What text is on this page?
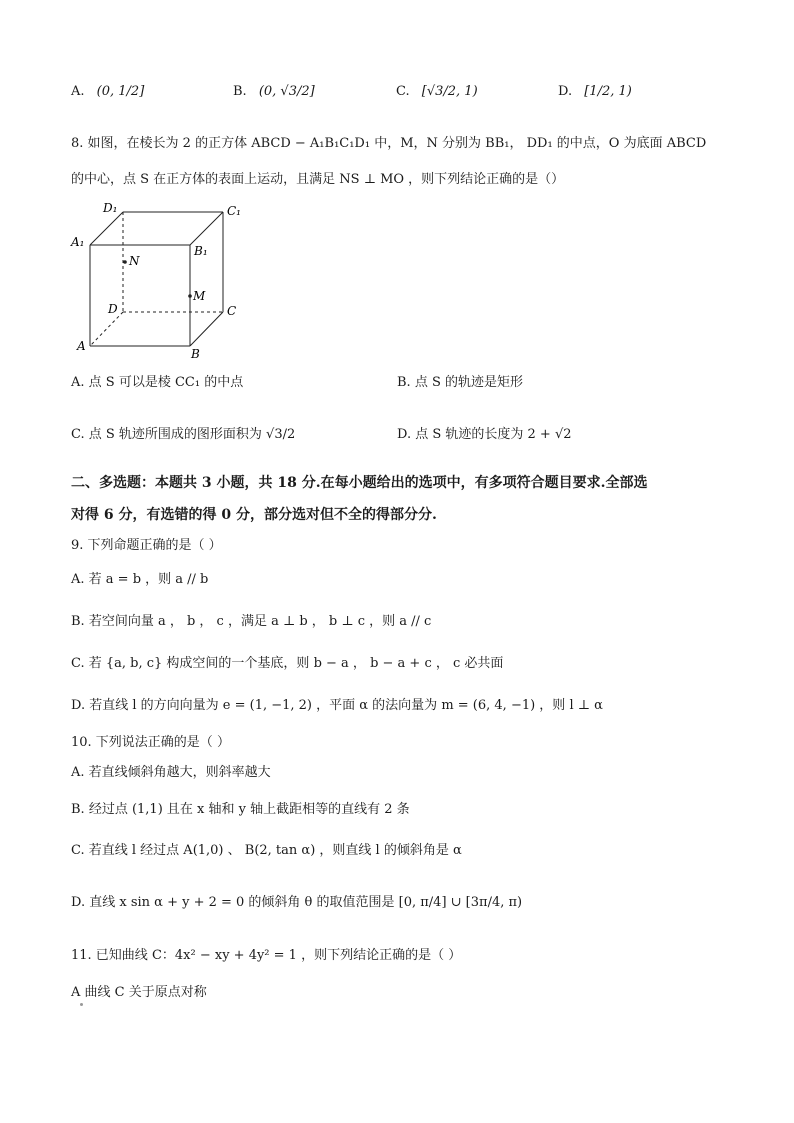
A. (0, 1/2]	B. (0, √3/2]	C. [√3/2, 1)	D. [1/2, 1)
8. 如图，在棱长为 2 的正方体 ABCD − A₁B₁C₁D₁ 中，M，N 分别为 BB₁， DD₁ 的中点，O 为底面 ABCD
的中心，点 S 在正方体的表面上运动，且满足 NS ⊥ MO ，则下列结论正确的是（）
D₁	C₁
A₁
B₁
N
M
D	C
A
B
A. 点 S 可以是棱 CC₁ 的中点	B. 点 S 的轨迹是矩形
C. 点 S 轨迹所围成的图形面积为 √3/2	D. 点 S 轨迹的长度为 2 + √2
二、多选题：本题共 3 小题，共 18 分.在每小题给出的选项中，有多项符合题目要求.全部选
对得 6 分，有选错的得 0 分，部分选对但不全的得部分分.
9. 下列命题正确的是（ ）
A. 若 a = b ，则 a // b
B. 若空间向量 a ， b ， c ，满足 a ⊥ b ， b ⊥ c ，则 a // c
C. 若 {a, b, c} 构成空间的一个基底，则 b − a ， b − a + c ， c 必共面
D. 若直线 l 的方向向量为 e = (1, −1, 2) ，平面 α 的法向量为 m = (6, 4, −1) ，则 l ⊥ α
10. 下列说法正确的是（ ）
A. 若直线倾斜角越大，则斜率越大
B. 经过点 (1,1) 且在 x 轴和 y 轴上截距相等的直线有 2 条
C. 若直线 l 经过点 A(1,0) 、 B(2, tan α) ，则直线 l 的倾斜角是 α
D. 直线 x sin α + y + 2 = 0 的倾斜角 θ 的取值范围是 [0, π/4] ∪ [3π/4, π)
11. 已知曲线 C：4x² − xy + 4y² = 1 ，则下列结论正确的是（ ）
A 曲线 C 关于原点对称
